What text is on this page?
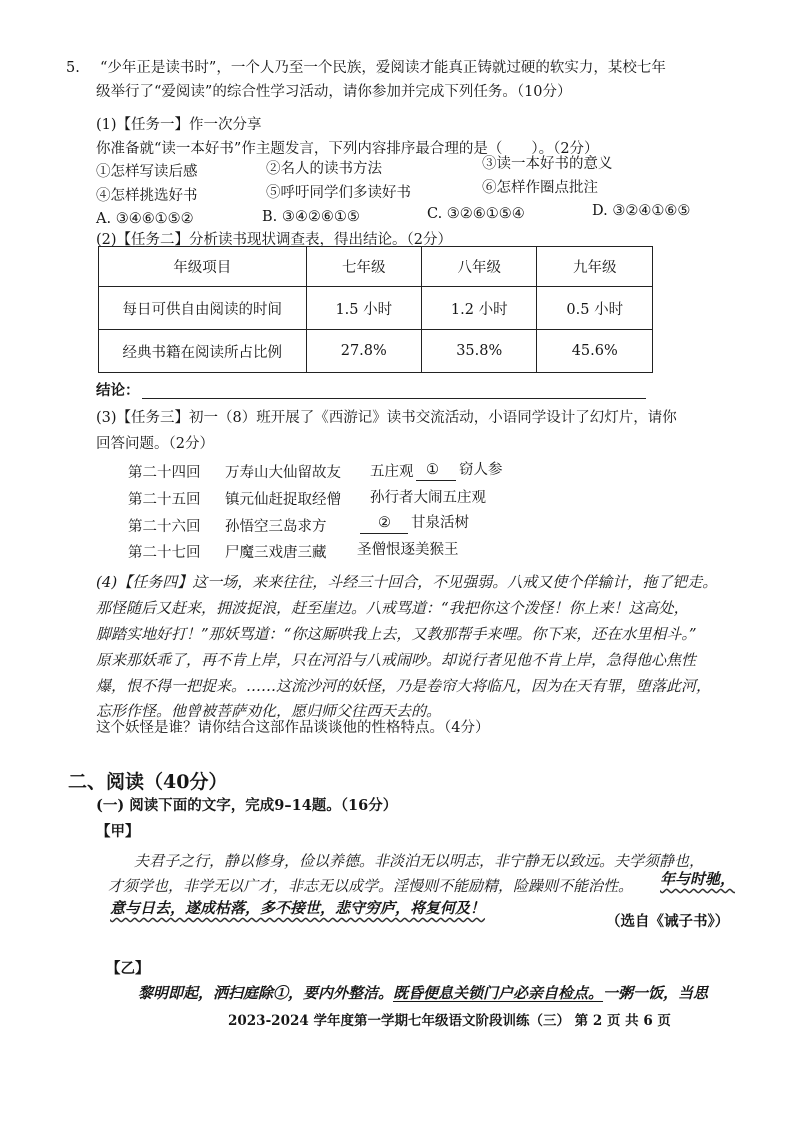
5. “少年正是读书时”，一个人乃至一个民族，爱阅读才能真正铸就过硬的软实力，某校七年
级举行了“爱阅读”的综合性学习活动，请你参加并完成下列任务。（10分）
(1)【任务一】作一次分享
你准备就“读一本好书”作主题发言，下列内容排序最合理的是（　　）。（2分）
①怎样写读后感	②名人的读书方法	③读一本好书的意义
④怎样挑选好书	⑤呼吁同学们多读好书	⑥怎样作圈点批注
A. ③④⑥①⑤②	B. ③④②⑥①⑤	C. ③②⑥①⑤④	D. ③②④①⑥⑤
(2)【任务二】分析读书现状调查表，得出结论。（2分）
年级项目	七年级	八年级	九年级
每日可供自由阅读的时间	1.5 小时	1.2 小时	0.5 小时
经典书籍在阅读所占比例	27.8%	35.8%	45.6%
结论：
(3)【任务三】初一（8）班开展了《西游记》读书交流活动，小语同学设计了幻灯片，请你
回答问题。（2分）
第二十四回 万寿山大仙留故友 五庄观 ① 窃人参
第二十五回 镇元仙赶捉取经僧 孙行者大闹五庄观
第二十六回 孙悟空三岛求方	② 甘泉活树
第二十七回 尸魔三戏唐三藏 圣僧恨逐美猴王
(4)【任务四】这一场，来来往往，斗经三十回合，不见强弱。八戒又使个佯输计，拖了钯走。
那怪随后又赶来，拥波捉浪，赶至崖边。八戒骂道：“我把你这个泼怪！你上来！这高处，
脚踏实地好打！”那妖骂道：“你这厮哄我上去，又教那帮手来哩。你下来，还在水里相斗。”
原来那妖乖了，再不肯上岸，只在河沿与八戒闹吵。却说行者见他不肯上岸，急得他心焦性
爆，恨不得一把捉来。……这流沙河的妖怪，乃是卷帘大将临凡，因为在天有罪，堕落此河，
忘形作怪。他曾被菩萨劝化，愿归师父往西天去的。
这个妖怪是谁？请你结合这部作品谈谈他的性格特点。（4分）
二、阅读（40分）
(一) 阅读下面的文字，完成9–14题。（16分）
【甲】
夫君子之行，静以修身，俭以养德。非淡泊无以明志，非宁静无以致远。夫学须静也，
才须学也，非学无以广才，非志无以成学。淫慢则不能励精，险躁则不能治性。 年与时驰，
意与日去，遂成枯落，多不接世，悲守穷庐，将复何及！
（选自《诫子书》）
【乙】
黎明即起，洒扫庭除①，要内外整洁。既昏便息关锁门户必亲自检点。一粥一饭，当思
2023-2024 学年度第一学期七年级语文阶段训练（三） 第 2 页 共 6 页
